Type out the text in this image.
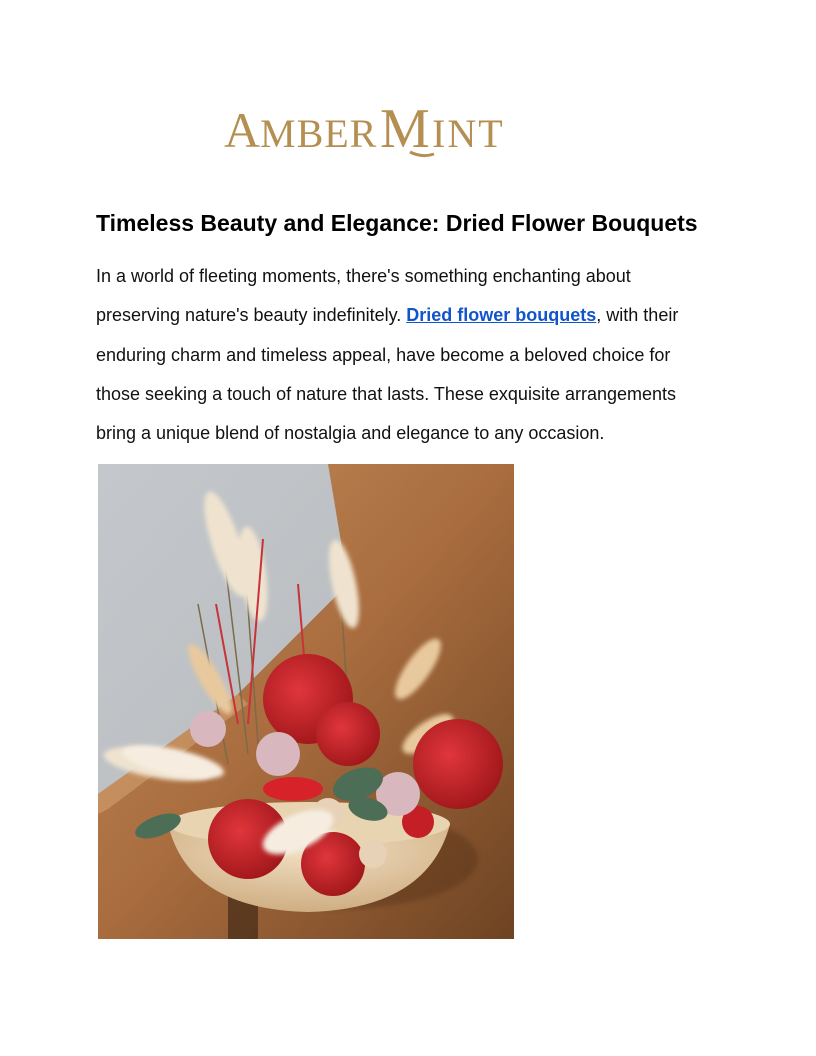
A MBER M INT
Timeless Beauty and Elegance: Dried Flower Bouquets

In a world of fleeting moments, there's something enchanting about preserving nature's beauty indefinitely. Dried flower bouquets, with their enduring charm and timeless appeal, have become a beloved choice for those seeking a touch of nature that lasts. These exquisite arrangements bring a unique blend of nostalgia and elegance to any occasion.
